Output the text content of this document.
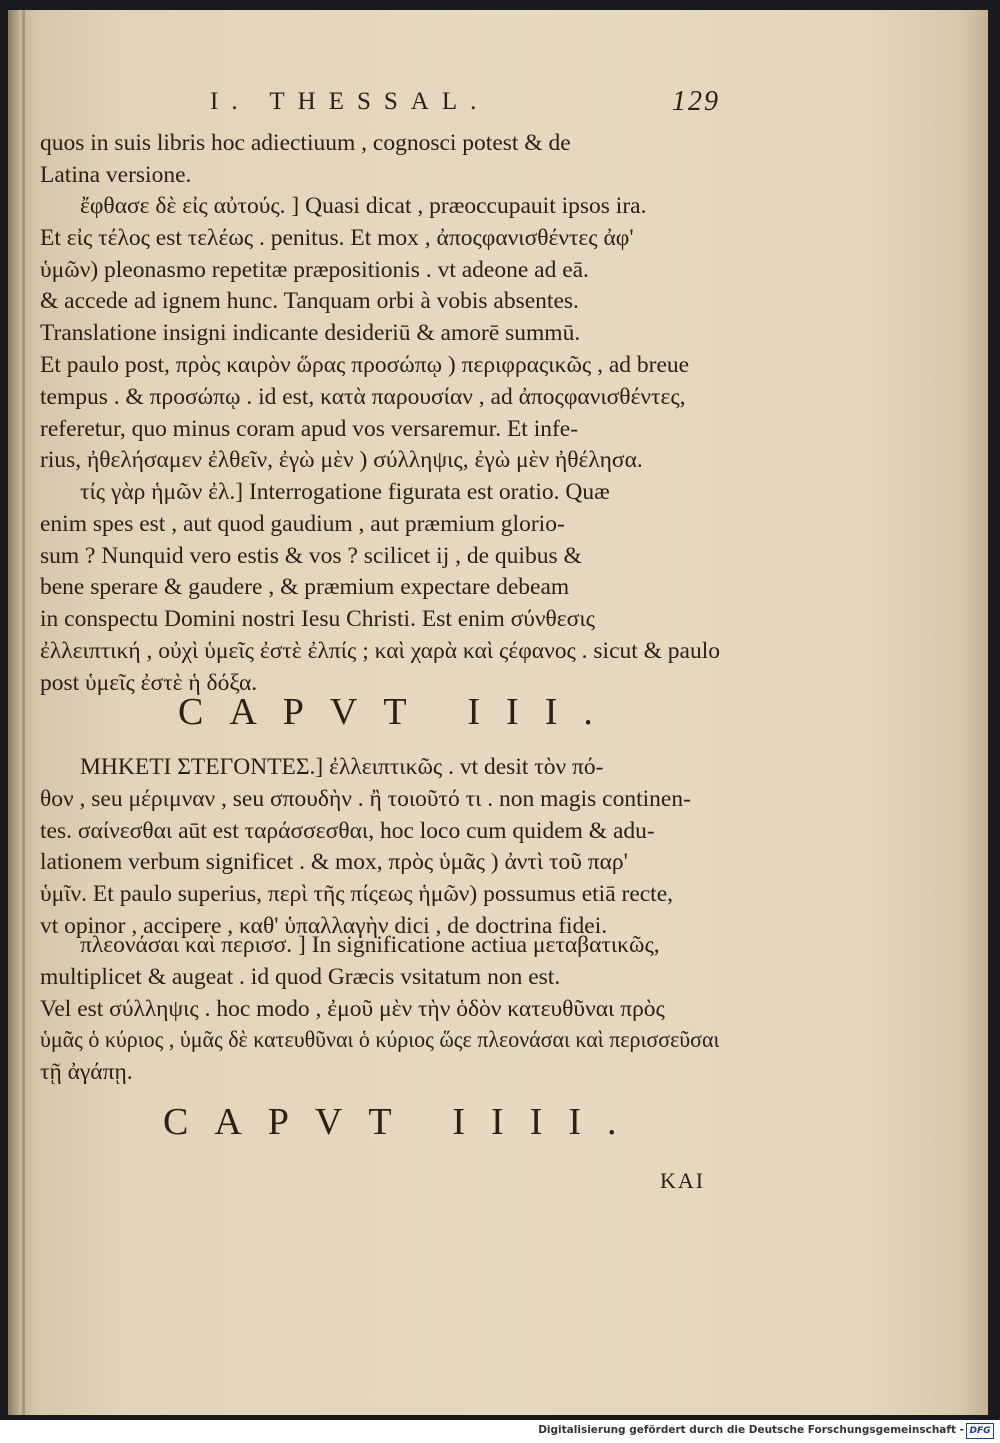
I. THESSAL.	129
quos in suis libris hoc adiectiuum , cognosci potest & de
Latina versione.
ἔφθασε δὲ εἰς αὐτούς. ] Quasi dicat , præoccupauit ipsos ira.
Et εἰς τέλος est τελέως . penitus. Et mox , ἀποςφανισθέντες ἀφ'
ὑμῶν) pleonasmo repetitæ præpositionis . vt adeone ad eā.
& accede ad ignem hunc. Tanquam orbi à vobis absentes.
Translatione insigni indicante desideriū & amorē summū.
Et paulo post, πρὸς καιρὸν ὥρας προσώπῳ ) περιφραςικῶς , ad breue
tempus . & προσώπῳ . id est, κατὰ παρουσίαν , ad ἀποςφανισθέντες,
referetur, quo minus coram apud vos versaremur. Et infe-
rius, ἠθελήσαμεν ἐλθεῖν, ἐγὼ μὲν ) σύλληψις, ἐγὼ μὲν ἠθέλησα.
τίς γὰρ ἡμῶν ἐλ.] Interrogatione figurata est oratio. Quæ
enim spes est , aut quod gaudium , aut præmium glorio-
sum ? Nunquid vero estis & vos ? scilicet ij , de quibus &
bene sperare & gaudere , & præmium expectare debeam
in conspectu Domini nostri Iesu Christi. Est enim σύνθεσις
ἐλλειπτική , οὐχὶ ὑμεῖς ἐστὲ ἐλπίς ; καὶ χαρὰ καὶ ςέφανος . sicut & paulo
post ὑμεῖς ἐστὲ ἡ δόξα.
CAPVT III.
ΜΗΚΕΤΙ ΣΤΕΓΟΝΤΕΣ.] ἐλλειπτικῶς . vt desit τὸν πό-
θον , seu μέριμναν , seu σπουδὴν . ἢ τοιοῦτό τι . non magis continen-
tes. σαίνεσθαι aūt est ταράσσεσθαι, hoc loco cum quidem & adu-
lationem verbum significet . & mox, πρὸς ὑμᾶς ) ἀντὶ τοῦ παρ'
ὑμῖν. Et paulo superius, περὶ τῆς πίςεως ἡμῶν) possumus etiā recte,
vt opinor , accipere , καθ' ὑπαλλαγὴν dici , de doctrina fidei.
πλεονάσαι καὶ περισσ. ] In significatione actiua μεταβατικῶς,
multiplicet & augeat . id quod Græcis vsitatum non est.
Vel est σύλληψις . hoc modo , ἐμοῦ μὲν τὴν ὁδὸν κατευθῦναι πρὸς
ὑμᾶς ὁ κύριος , ὑμᾶς δὲ κατευθῦναι ὁ κύριος ὥςε πλεονάσαι καὶ περισσεῦσαι
τῇ ἀγάπῃ.
CAPVT IIII.
KAI
Digitalisierung gefördert durch die Deutsche Forschungsgemeinschaft - DFG
